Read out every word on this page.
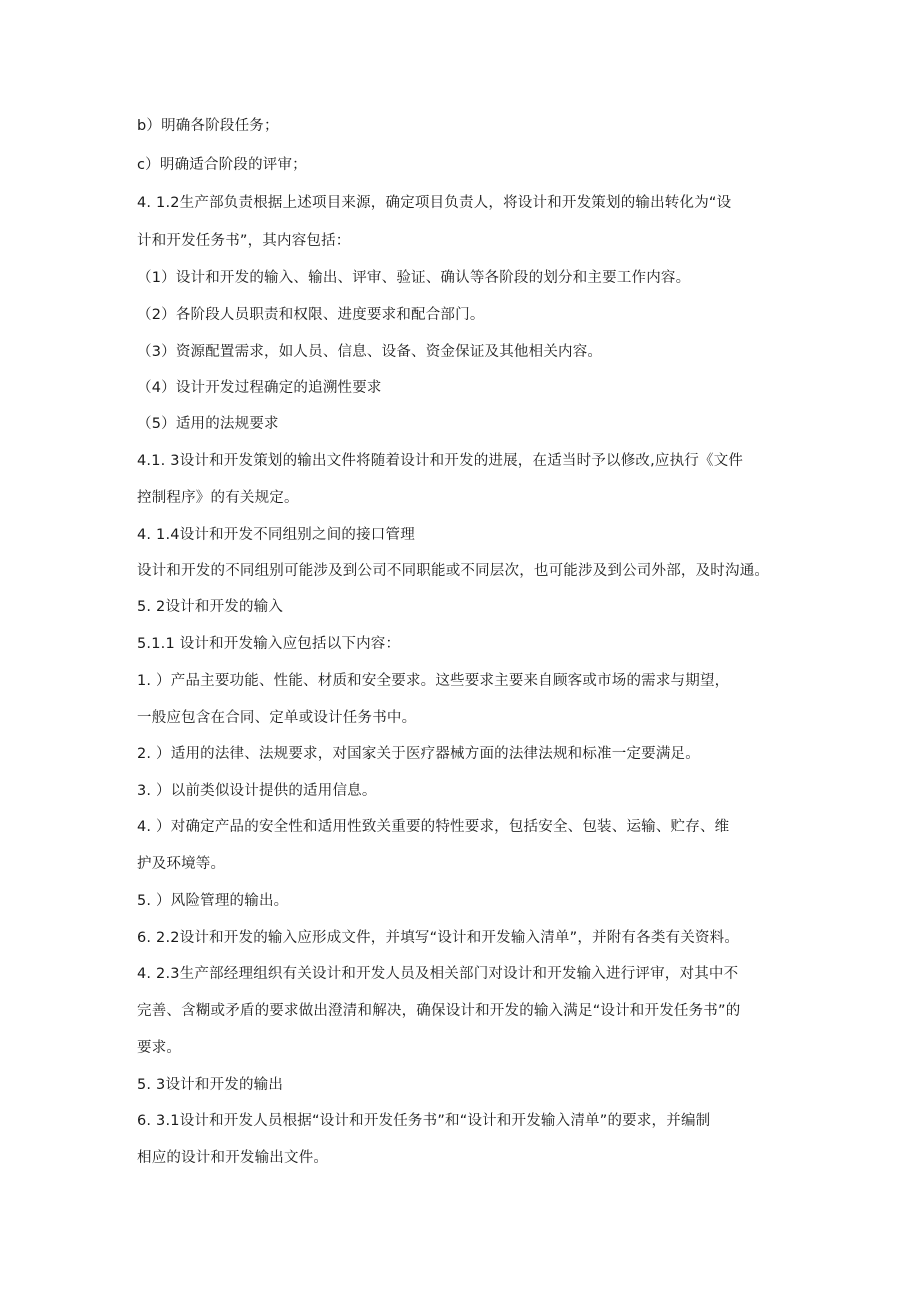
b）明确各阶段任务；
c）明确适合阶段的评审；
4. 1.2生产部负责根据上述项目来源，确定项目负责人，将设计和开发策划的输出转化为“设
计和开发任务书”，其内容包括：
（1）设计和开发的输入、输出、评审、验证、确认等各阶段的划分和主要工作内容。
（2）各阶段人员职责和权限、进度要求和配合部门。
（3）资源配置需求，如人员、信息、设备、资金保证及其他相关内容。
（4）设计开发过程确定的追溯性要求
（5）适用的法规要求
4.1. 3设计和开发策划的输出文件将随着设计和开发的进展，在适当时予以修改,应执行《文件
控制程序》的有关规定。
4. 1.4设计和开发不同组别之间的接口管理
设计和开发的不同组别可能涉及到公司不同职能或不同层次，也可能涉及到公司外部，及时沟通。
5. 2设计和开发的输入
5.1.1 设计和开发输入应包括以下内容：
1. ）产品主要功能、性能、材质和安全要求。这些要求主要来自顾客或市场的需求与期望，
一般应包含在合同、定单或设计任务书中。
2. ）适用的法律、法规要求，对国家关于医疗器械方面的法律法规和标准一定要满足。
3. ）以前类似设计提供的适用信息。
4. ）对确定产品的安全性和适用性致关重要的特性要求，包括安全、包装、运输、贮存、维
护及环境等。
5. ）风险管理的输出。
6. 2.2设计和开发的输入应形成文件，并填写“设计和开发输入清单”，并附有各类有关资料。
4. 2.3生产部经理组织有关设计和开发人员及相关部门对设计和开发输入进行评审，对其中不
完善、含糊或矛盾的要求做出澄清和解决，确保设计和开发的输入满足“设计和开发任务书”的
要求。
5. 3设计和开发的输出
6. 3.1设计和开发人员根据“设计和开发任务书”和“设计和开发输入清单”的要求，并编制
相应的设计和开发输出文件。
